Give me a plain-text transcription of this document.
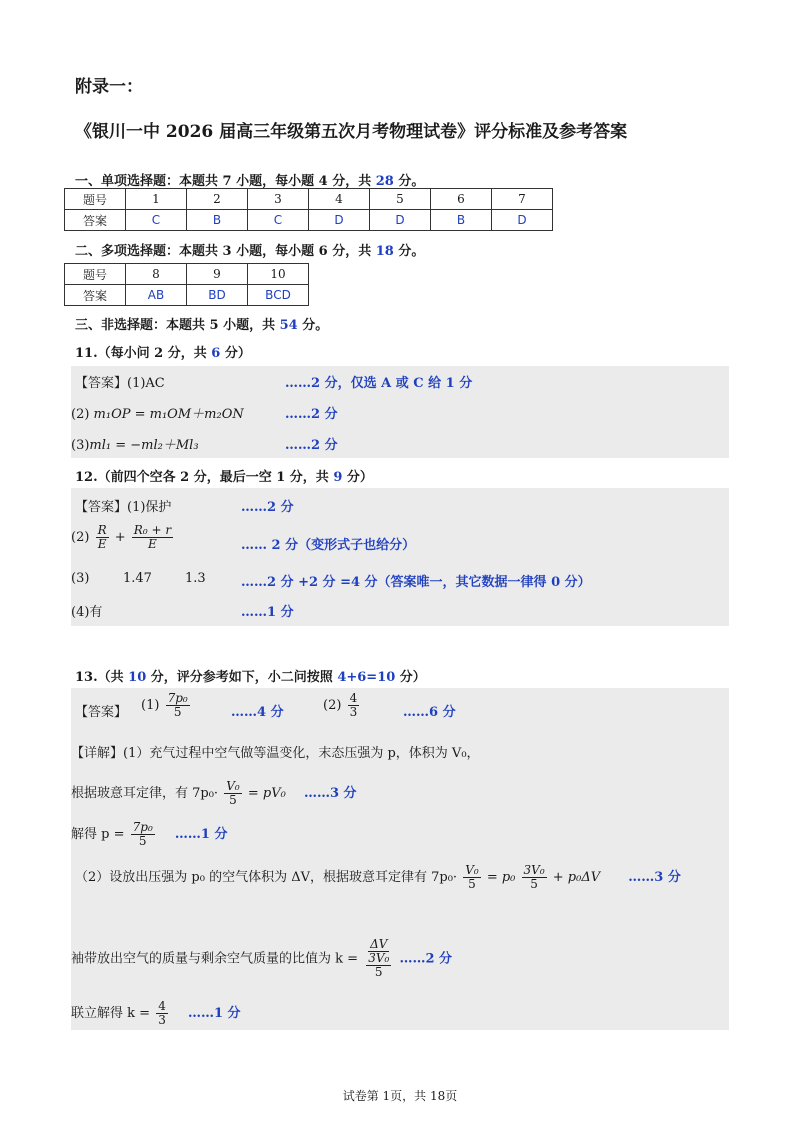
附录一：
《银川一中 2026 届高三年级第五次月考物理试卷》评分标准及参考答案
一、单项选择题：本题共 7 小题，每小题 4 分，共 28 分。
题号	1	2	3	4	5	6	7
答案	C	B	C	D	D	B	D
二、多项选择题：本题共 3 小题，每小题 6 分，共 18 分。
题号	8	9	10
答案	AB	BD	BCD
三、非选择题：本题共 5 小题，共 54 分。
11.（每小问 2 分，共 6 分）
【答案】(1)AC	……2 分，仅选 A 或 C 给 1 分
(2) m₁OP = m₁OM＋m₂ON	……2 分
(3)ml₁ = −ml₂＋Ml₃	……2 分
12.（前四个空各 2 分，最后一空 1 分，共 9 分）
【答案】(1)保护	……2 分
$(2) \frac{R}{E} + \frac{\text{R₀ + r}}{E}$	…… 2 分（变形式子也给分）
(3)	1.47	1.3	……2 分 +2 分 =4 分（答案唯一，其它数据一律得 0 分）
(4)有	……1 分
13.（共 10 分，评分参考如下，小二问按照 4+6=10 分）
【答案】 $(1) \frac{\text{7p₀}}{5}$	……4 分	$(2) \frac{4}{3}$	……6 分
【详解】(1）充气过程中空气做等温变化，末态压强为 p，体积为 V₀，
根据玻意耳定律，有 $7p_0\cdot \frac{\text{V₀}}{5} = pV_0$ ……3 分
解得 $p = \frac{\text{7p₀}}{5}$ ……1 分
（2）设放出压强为 p₀ 的空气体积为 ΔV，根据玻意耳定律有 $7p_0\cdot \frac{\text{V₀}}{5} = p_0 \frac{\text{3V₀}}{5} + p_0\Delta V$ ……3 分
袖带放出空气的质量与剩余空气质量的比值为 $k = \frac{\Delta V}{\frac{\text{3V₀}}{5}}$ ……2 分
联立解得 $k = \frac{4}{3}$ ……1 分
试卷第 1页，共 18页
